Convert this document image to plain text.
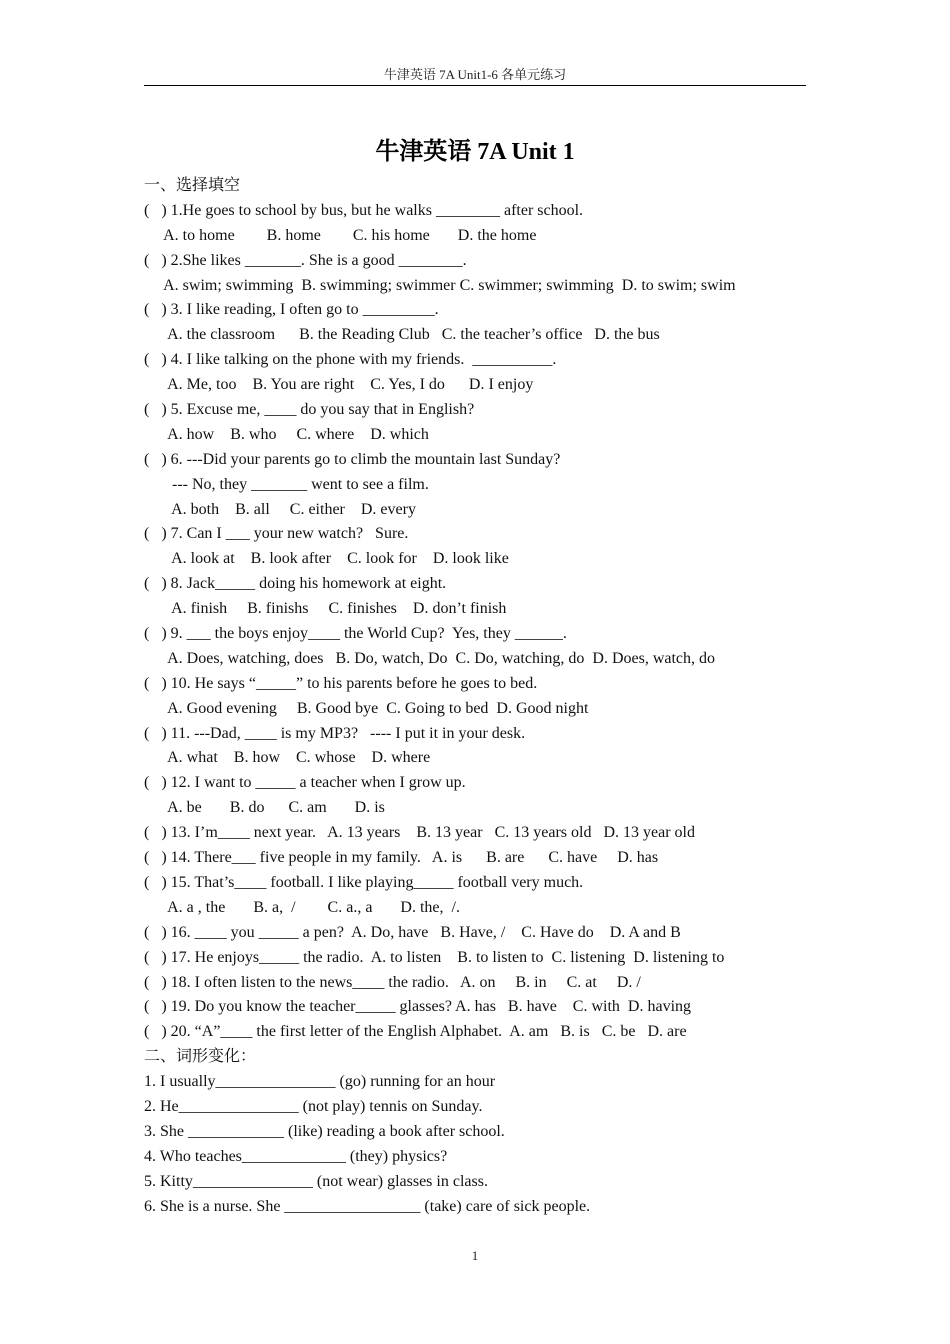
牛津英语 7A Unit1-6 各单元练习
牛津英语 7A Unit 1
一、选择填空
(   ) 1.He goes to school by bus, but he walks ________ after school.
A. to home        B. home        C. his home       D. the home
(   ) 2.She likes _______. She is a good ________.
A. swim; swimming  B. swimming; swimmer C. swimmer; swimming  D. to swim; swim
(   ) 3. I like reading, I often go to _________.
A. the classroom      B. the Reading Club   C. the teacher’s office   D. the bus
(   ) 4. I like talking on the phone with my friends.  __________.
A. Me, too    B. You are right    C. Yes, I do      D. I enjoy
(   ) 5. Excuse me, ____ do you say that in English?
A. how    B. who     C. where    D. which
(   ) 6. ---Did your parents go to climb the mountain last Sunday?
--- No, they _______ went to see a film.
A. both    B. all     C. either    D. every
(   ) 7. Can I ___ your new watch?   Sure.
A. look at    B. look after    C. look for    D. look like
(   ) 8. Jack_____ doing his homework at eight.
A. finish     B. finishs     C. finishes    D. don’t finish
(   ) 9. ___ the boys enjoy____ the World Cup?  Yes, they ______.
A. Does, watching, does   B. Do, watch, Do  C. Do, watching, do  D. Does, watch, do
(   ) 10. He says “_____” to his parents before he goes to bed.
A. Good evening     B. Good bye  C. Going to bed  D. Good night
(   ) 11. ---Dad, ____ is my MP3?   ---- I put it in your desk.
A. what    B. how    C. whose    D. where
(   ) 12. I want to _____ a teacher when I grow up.
A. be       B. do      C. am       D. is
(   ) 13. I’m____ next year.   A. 13 years    B. 13 year   C. 13 years old   D. 13 year old
(   ) 14. There___ five people in my family.   A. is      B. are      C. have     D. has
(   ) 15. That’s____ football. I like playing_____ football very much.
A. a , the       B. a,  /        C. a., a       D. the,  /.
(   ) 16. ____ you _____ a pen?  A. Do, have   B. Have, /    C. Have do    D. A and B
(   ) 17. He enjoys_____ the radio.  A. to listen    B. to listen to  C. listening  D. listening to
(   ) 18. I often listen to the news____ the radio.   A. on     B. in     C. at     D. /
(   ) 19. Do you know the teacher_____ glasses? A. has   B. have    C. with  D. having
(   ) 20. “A”____ the first letter of the English Alphabet.  A. am   B. is   C. be   D. are
二、词形变化：
1. I usually_______________ (go) running for an hour
2. He_______________ (not play) tennis on Sunday.
3. She ____________ (like) reading a book after school.
4. Who teaches_____________ (they) physics?
5. Kitty_______________ (not wear) glasses in class.
6. She is a nurse. She _________________ (take) care of sick people.
1
